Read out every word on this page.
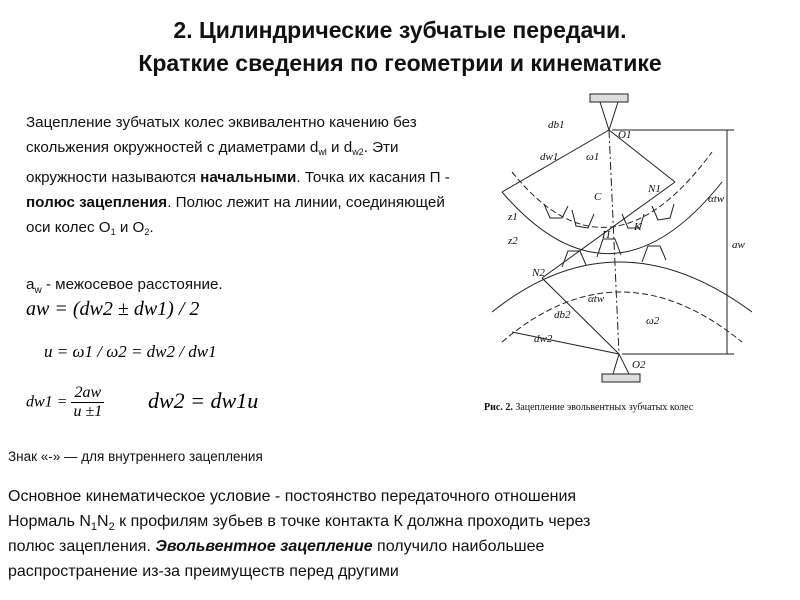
2. Цилиндрические зубчатые передачи.
Краткие сведения по геометрии и кинематике
Зацепление зубчатых колес эквивалентно качению без скольжения окружностей с диаметрами $d_{wl}$ и $d_{w2}$. Эти окружности называются начальными. Точка их касания П - полюс зацепления. Полюс лежит на линии, соединяющей оси колес $О_1$ и $О_2$.
$a_w$ - межосевое расстояние.
aw = (dw2 ± dw1) / 2
u = ω1 / ω2 = dw2 / dw1
$dw1 = \frac{2aw}{u \pm 1} dw2 = dw1u$
Знак «-» — для внутреннего зацепления
Основное кинематическое условие - постоянство передаточного отношения
Нормаль $N_1N_2$ к профилям зубьев в точке контакта К должна проходить через
полюс зацепления. Эвольвентное зацепление получило наибольшее
распространение из-за преимуществ перед другими
db1
O1
dw1	ω1
C
N1
αtw
z1
z2	П
K
aw
N2
αtw
db2	ω2
dw2
O2
Рис. 2. Зацепление эвольвентных зубчатых колес
